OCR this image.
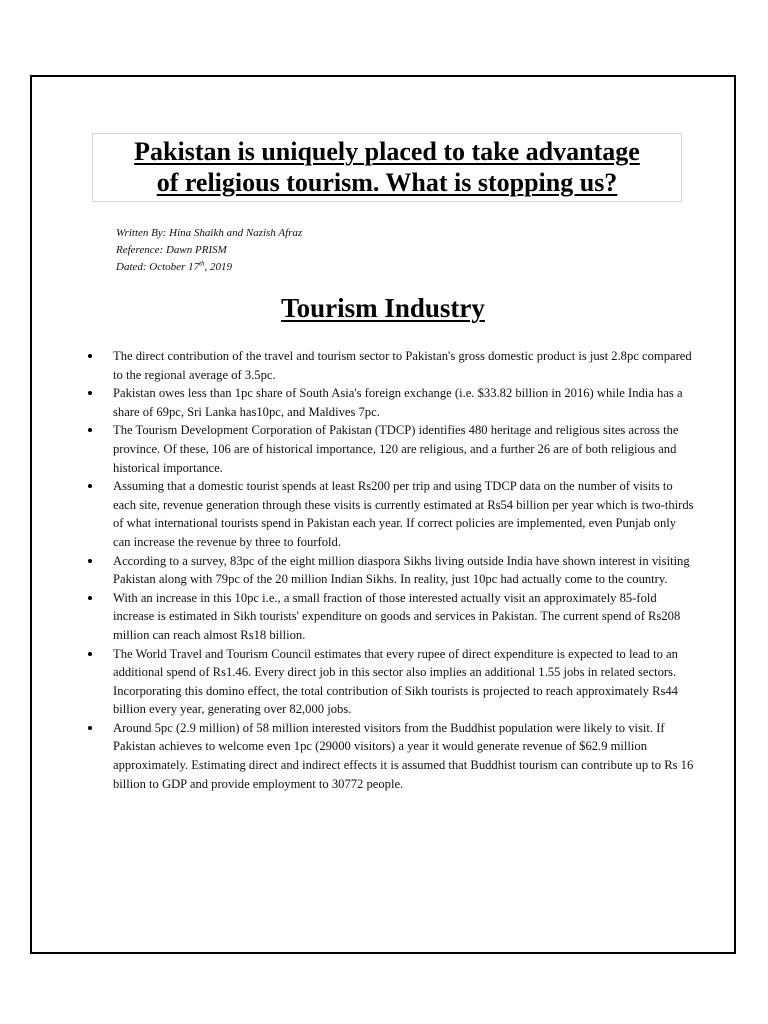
Pakistan is uniquely placed to take advantage
of religious tourism. What is stopping us?
Written By: Hina Shaikh and Nazish Afraz
Reference: Dawn PRISM
Dated: October 17th, 2019
Tourism Industry
The direct contribution of the travel and tourism sector to Pakistan's gross domestic product is just 2.8pc compared to the regional average of 3.5pc.
Pakistan owes less than 1pc share of South Asia's foreign exchange (i.e. $33.82 billion in 2016) while India has a share of 69pc, Sri Lanka has10pc, and Maldives 7pc.
The Tourism Development Corporation of Pakistan (TDCP) identifies 480 heritage and religious sites across the province. Of these, 106 are of historical importance, 120 are religious, and a further 26 are of both religious and historical importance.
Assuming that a domestic tourist spends at least Rs200 per trip and using TDCP data on the number of visits to each site, revenue generation through these visits is currently estimated at Rs54 billion per year which is two-thirds of what international tourists spend in Pakistan each year. If correct policies are implemented, even Punjab only can increase the revenue by three to fourfold.
According to a survey, 83pc of the eight million diaspora Sikhs living outside India have shown interest in visiting Pakistan along with 79pc of the 20 million Indian Sikhs. In reality, just 10pc had actually come to the country.
With an increase in this 10pc i.e., a small fraction of those interested actually visit an approximately 85-fold increase is estimated in Sikh tourists' expenditure on goods and services in Pakistan. The current spend of Rs208 million can reach almost Rs18 billion.
The World Travel and Tourism Council estimates that every rupee of direct expenditure is expected to lead to an additional spend of Rs1.46. Every direct job in this sector also implies an additional 1.55 jobs in related sectors. Incorporating this domino effect, the total contribution of Sikh tourists is projected to reach approximately Rs44 billion every year, generating over 82,000 jobs.
Around 5pc (2.9 million) of 58 million interested visitors from the Buddhist population were likely to visit. If Pakistan achieves to welcome even 1pc (29000 visitors) a year it would generate revenue of $62.9 million approximately. Estimating direct and indirect effects it is assumed that Buddhist tourism can contribute up to Rs 16 billion to GDP and provide employment to 30772 people.
